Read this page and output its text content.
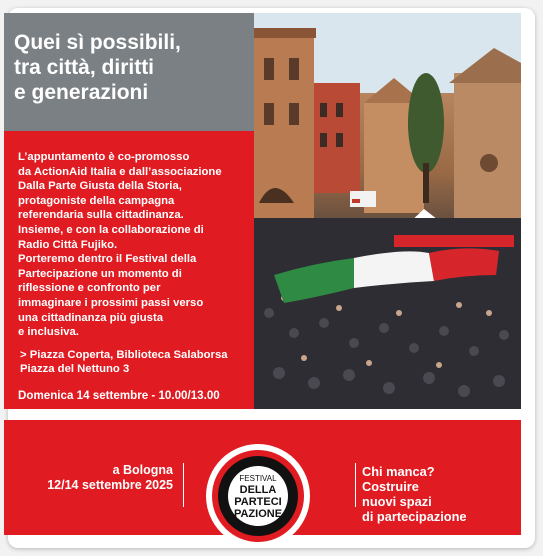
Quei sì possibili,
tra città, diritti
e generazioni
L’appuntamento è co-promosso
da ActionAid Italia e dall’associazione
Dalla Parte Giusta della Storia,
protagoniste della campagna
referendaria sulla cittadinanza.
Insieme, e con la collaborazione di
Radio Città Fujiko.
Porteremo dentro il Festival della
Partecipazione un momento di
riflessione e confronto per
immaginare i prossimi passi verso
una cittadinanza più giusta
e inclusiva.
> Piazza Coperta, Biblioteca Salaborsa
Piazza del Nettuno 3
Domenica 14 settembre - 10.00/13.00
a Bologna
12/14 settembre 2025
Chi manca?
Costruire
nuovi spazi
di partecipazione
FESTIVAL
DELLA
PARTECI
PAZIONE
